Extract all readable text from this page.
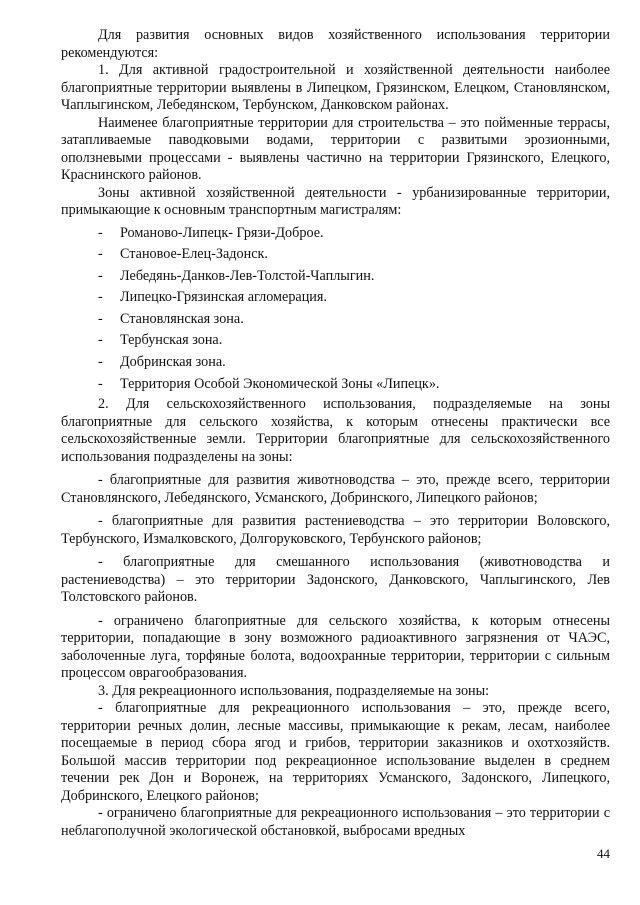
Для развития основных видов хозяйственного использования территории рекомендуются:

1. Для активной градостроительной и хозяйственной деятельности наиболее благоприятные территории выявлены в Липецком, Грязинском, Елецком, Становлянском, Чаплыгинском, Лебедянском, Тербунском, Данковском районах.

Наименее благоприятные территории для строительства – это пойменные террасы, затапливаемые паводковыми водами, территории с развитыми эрозионными, оползневыми процессами - выявлены частично на территории Грязинского, Елецкого, Краснинского районов.

Зоны активной хозяйственной деятельности - урбанизированные территории, примыкающие к основным транспортным магистралям:

- Романово-Липецк- Грязи-Доброе.
- Становое-Елец-Задонск.
- Лебедянь-Данков-Лев-Толстой-Чаплыгин.
- Липецко-Грязинская агломерация.
- Становлянская зона.
- Тербунская зона.
- Добринская зона.
- Территория Особой Экономической Зоны «Липецк».

2. Для сельскохозяйственного использования, подразделяемые на зоны благоприятные для сельского хозяйства, к которым отнесены практически все сельскохозяйственные земли. Территории благоприятные для сельскохозяйственного использования подразделены на зоны:

- благоприятные для развития животноводства – это, прежде всего, территории Становлянского, Лебедянского, Усманского, Добринского, Липецкого районов;

- благоприятные для развития растениеводства – это территории Воловского, Тербунского, Измалковского, Долгоруковского, Тербунского районов;

- благоприятные для смешанного использования (животноводства и растениеводства) – это территории Задонского, Данковского, Чаплыгинского, Лев Толстовского районов.

- ограничено благоприятные для сельского хозяйства, к которым отнесены территории, попадающие в зону возможного радиоактивного загрязнения от ЧАЭС, заболоченные луга, торфяные болота, водоохранные территории, территории с сильным процессом оврагообразования.

3. Для рекреационного использования, подразделяемые на зоны:

- благоприятные для рекреационного использования – это, прежде всего, территории речных долин, лесные массивы, примыкающие к рекам, лесам, наиболее посещаемые в период сбора ягод и грибов, территории заказников и охотхозяйств. Большой массив территории под рекреационное использование выделен в среднем течении рек Дон и Воронеж, на территориях Усманского, Задонского, Липецкого, Добринского, Елецкого районов;

- ограничено благоприятные для рекреационного использования – это территории с неблагополучной экологической обстановкой, выбросами вредных

44
